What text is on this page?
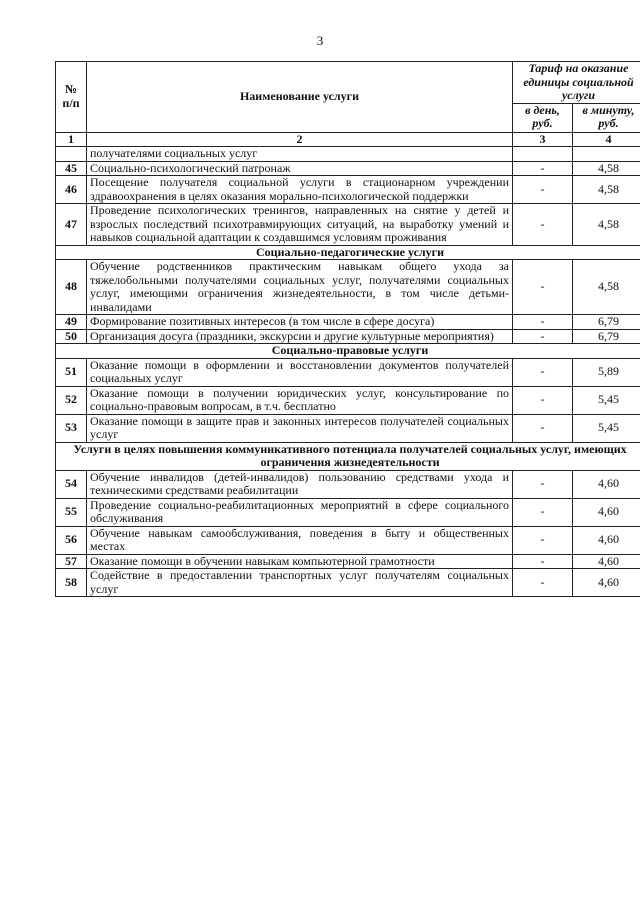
3
№ п/п	Наименование услуги	Тариф на оказание единицы социальной услуги	
		в день, руб.	в минуту, руб.
1	2	3	4
	получателями социальных услуг		
45	Социально-психологический патронаж	-	4,58
46	Посещение получателя социальной услуги в стационарном учреждении здравоохранения в целях оказания морально-психологической поддержки	-	4,58
47	Проведение психологических тренингов, направленных на снятие у детей и взрослых последствий психотравмирующих ситуаций, на выработку умений и навыков социальной адаптации к создавшимся условиям проживания	-	4,58
Социально-педагогические услуги			
48	Обучение родственников практическим навыкам общего ухода за тяжелобольными получателями социальных услуг, получателями социальных услуг, имеющими ограничения жизнедеятельности, в том числе детьми-инвалидами	-	4,58
49	Формирование позитивных интересов (в том числе в сфере досуга)	-	6,79
50	Организация досуга (праздники, экскурсии и другие культурные мероприятия)	-	6,79
Социально-правовые услуги			
51	Оказание помощи в оформлении и восстановлении документов получателей социальных услуг	-	5,89
52	Оказание помощи в получении юридических услуг, консультирование по социально-правовым вопросам, в т.ч. бесплатно	-	5,45
53	Оказание помощи в защите прав и законных интересов получателей социальных услуг	-	5,45
Услуги в целях повышения коммуникативного потенциала получателей социальных услуг, имеющих ограничения жизнедеятельности			
54	Обучение инвалидов (детей-инвалидов) пользованию средствами ухода и техническими средствами реабилитации	-	4,60
55	Проведение социально-реабилитационных мероприятий в сфере социального обслуживания	-	4,60
56	Обучение навыкам самообслуживания, поведения в быту и общественных местах	-	4,60
57	Оказание помощи в обучении навыкам компьютерной грамотности	-	4,60
58	Содействие в предоставлении транспортных услуг получателям социальных услуг	-	4,60
